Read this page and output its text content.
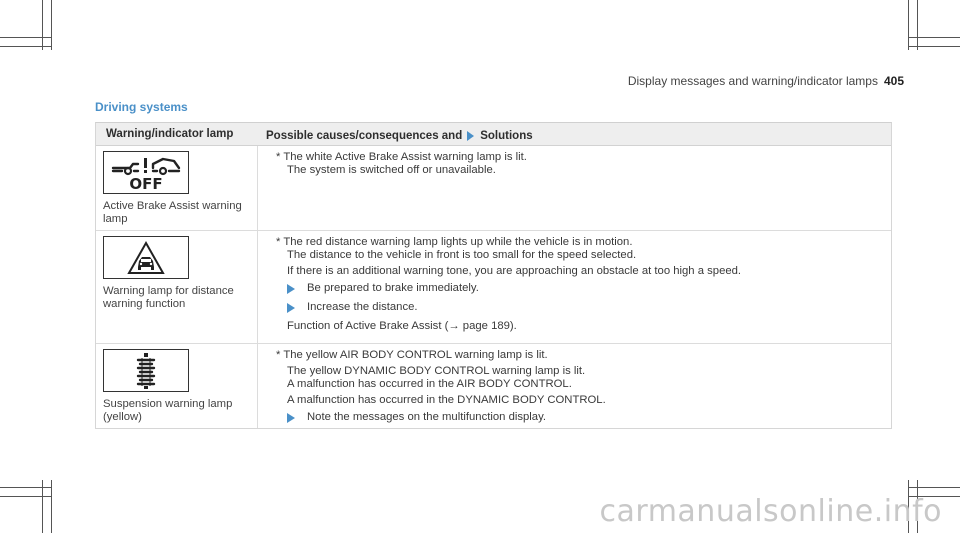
Display messages and warning/indicator lamps 405
Driving systems
Warning/indicator lamp	Possible causes/consequences and Solutions
OFF
Active Brake Assist warning
lamp
* The white Active Brake Assist warning lamp is lit.
The system is switched off or unavailable.
Warning lamp for distance
warning function
* The red distance warning lamp lights up while the vehicle is in motion.
The distance to the vehicle in front is too small for the speed selected.
If there is an additional warning tone, you are approaching an obstacle at too high a speed.
Be prepared to brake immediately.
Increase the distance.
Function of Active Brake Assist (→ page 189).
Suspension warning lamp
(yellow)
* The yellow AIR BODY CONTROL warning lamp is lit.
The yellow DYNAMIC BODY CONTROL warning lamp is lit.
A malfunction has occurred in the AIR BODY CONTROL.
A malfunction has occurred in the DYNAMIC BODY CONTROL.
Note the messages on the multifunction display.
carmanualsonline.info
